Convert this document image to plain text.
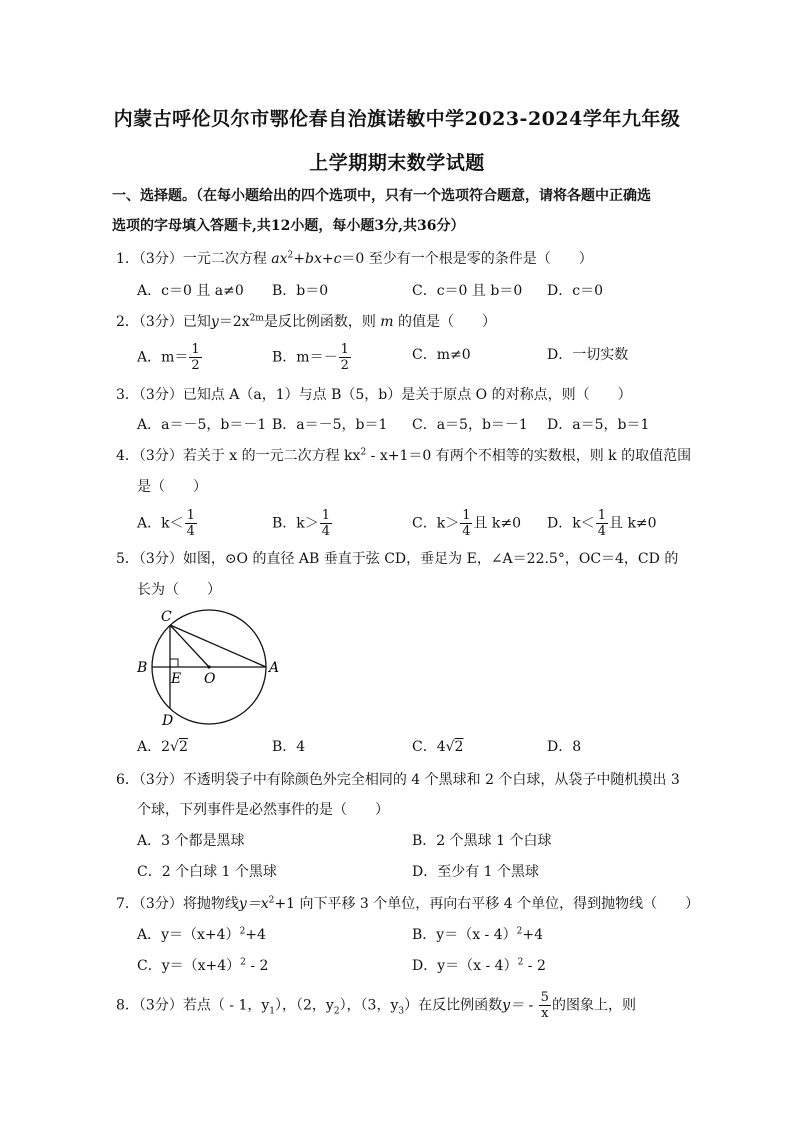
内蒙古呼伦贝尔市鄂伦春自治旗诺敏中学2023-2024学年九年级
上学期期末数学试题
一、选择题。（在每小题给出的四个选项中，只有一个选项符合题意，请将各题中正确选
选项的字母填入答题卡,共12小题，每小题3分,共36分）
1．（3分）一元二次方程 $ax^2+bx+c=0$ 至少有一个根是零的条件是（　　）
A．c＝0 且 a≠0 B．b＝0	C．c＝0 且 b＝0 D．c＝0
2．（3分）已知$y=2x^{2m}$是反比例函数，则 m 的值是（　　）
A．$m= \frac{1}{2}$	B．$m=- \frac{1}{2}$	C．m≠0	D．一切实数
3．（3分）已知点 A（a，1）与点 B（5，b）是关于原点 O 的对称点，则（　　）
A．a＝－5，b＝－1 B．a＝－5，b＝1 C．a＝5，b＝－1 D．a＝5，b＝1
4．（3分）若关于 x 的一元二次方程 $kx^2 - x+1=0$ 有两个不相等的实数根，则 k 的取值范围
是（　　）
A．$k< \frac{1}{4}$	B．$k> \frac{1}{4}$	C．$k> \frac{1}{4}$ 且 k≠0 D．$k< \frac{1}{4}$ 且 k≠0
5．（3分）如图，⊙O 的直径 AB 垂直于弦 CD，垂足为 E，∠A＝22.5°，OC＝4，CD 的
长为（　　）
C
B
E O
A
D
A．2√2	B．4	C．4√2	D．8
6．（3分）不透明袋子中有除颜色外完全相同的 4 个黑球和 2 个白球，从袋子中随机摸出 3
个球，下列事件是必然事件的是（　　）
A．3 个都是黑球	B．2 个黑球 1 个白球
C．2 个白球 1 个黑球	D．至少有 1 个黑球
7．（3分）将抛物线$y=x^2+1$ 向下平移 3 个单位，再向右平移 4 个单位，得到抛物线（　　）
A．$y=(x+4)^2+4$	B．y＝（x - 4）$^2$+4
C．$y=(x+4)^2 - 2$	D．y＝（x - 4）$^2$ - 2
8．（3分）若点（ - 1，$y_1$），（2，$y_2$），（3，$y_3$）在反比例函数$y= - \frac{5}{x}$ 的图象上，则
